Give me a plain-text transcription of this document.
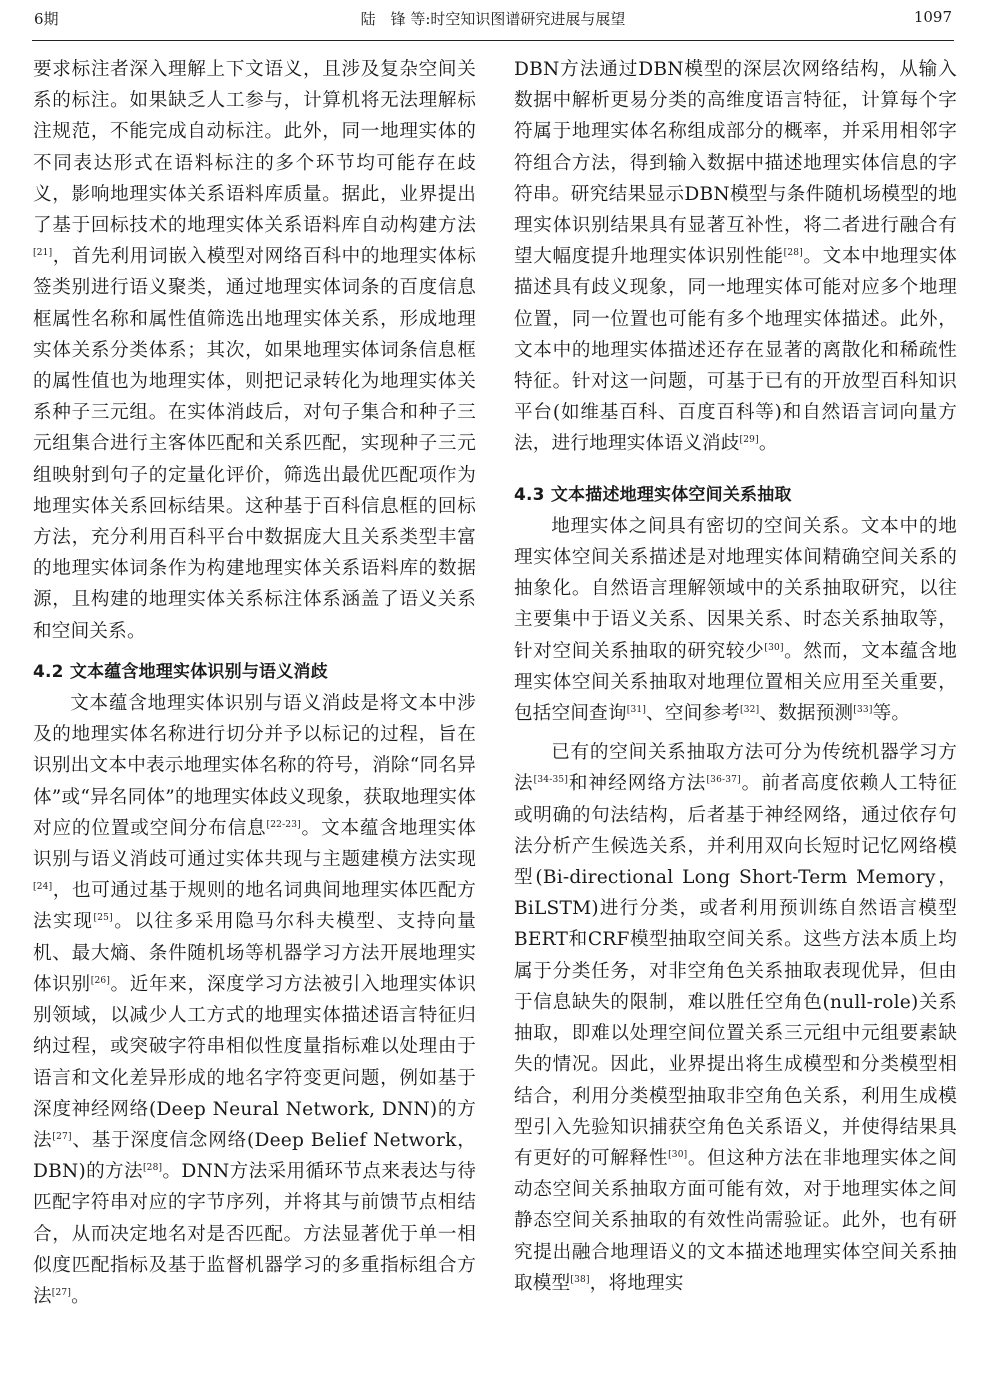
6期	陆　锋 等:时空知识图谱研究进展与展望	1097

要求标注者深入理解上下文语义，且涉及复杂空间关系的标注。如果缺乏人工参与，计算机将无法理解标注规范，不能完成自动标注。此外，同一地理实体的不同表达形式在语料标注的多个环节均可能存在歧义，影响地理实体关系语料库质量。据此，业界提出了基于回标技术的地理实体关系语料库自动构建方法[21]，首先利用词嵌入模型对网络百科中的地理实体标签类别进行语义聚类，通过地理实体词条的百度信息框属性名称和属性值筛选出地理实体关系，形成地理实体关系分类体系；其次，如果地理实体词条信息框的属性值也为地理实体，则把记录转化为地理实体关系种子三元组。在实体消歧后，对句子集合和种子三元组集合进行主客体匹配和关系匹配，实现种子三元组映射到句子的定量化评价，筛选出最优匹配项作为地理实体关系回标结果。这种基于百科信息框的回标方法，充分利用百科平台中数据庞大且关系类型丰富的地理实体词条作为构建地理实体关系语料库的数据源，且构建的地理实体关系标注体系涵盖了语义关系和空间关系。

4.2 文本蕴含地理实体识别与语义消歧

文本蕴含地理实体识别与语义消歧是将文本中涉及的地理实体名称进行切分并予以标记的过程，旨在识别出文本中表示地理实体名称的符号，消除“同名异体”或“异名同体”的地理实体歧义现象，获取地理实体对应的位置或空间分布信息[22-23]。文本蕴含地理实体识别与语义消歧可通过实体共现与主题建模方法实现[24]，也可通过基于规则的地名词典间地理实体匹配方法实现[25]。以往多采用隐马尔科夫模型、支持向量机、最大熵、条件随机场等机器学习方法开展地理实体识别[26]。近年来，深度学习方法被引入地理实体识别领域，以减少人工方式的地理实体描述语言特征归纳过程，或突破字符串相似性度量指标难以处理由于语言和文化差异形成的地名字符变更问题，例如基于深度神经网络(Deep Neural Network, DNN)的方法[27]、基于深度信念网络(Deep Belief Network，DBN)的方法[28]。DNN方法采用循环节点来表达与待匹配字符串对应的字节序列，并将其与前馈节点相结合，从而决定地名对是否匹配。方法显著优于单一相似度匹配指标及基于监督机器学习的多重指标组合方法[27]。

DBN方法通过DBN模型的深层次网络结构，从输入数据中解析更易分类的高维度语言特征，计算每个字符属于地理实体名称组成部分的概率，并采用相邻字符组合方法，得到输入数据中描述地理实体信息的字符串。研究结果显示DBN模型与条件随机场模型的地理实体识别结果具有显著互补性，将二者进行融合有望大幅度提升地理实体识别性能[28]。文本中地理实体描述具有歧义现象，同一地理实体可能对应多个地理位置，同一位置也可能有多个地理实体描述。此外，文本中的地理实体描述还存在显著的离散化和稀疏性特征。针对这一问题，可基于已有的开放型百科知识平台(如维基百科、百度百科等)和自然语言词向量方法，进行地理实体语义消歧[29]。

4.3 文本描述地理实体空间关系抽取

地理实体之间具有密切的空间关系。文本中的地理实体空间关系描述是对地理实体间精确空间关系的抽象化。自然语言理解领域中的关系抽取研究，以往主要集中于语义关系、因果关系、时态关系抽取等，针对空间关系抽取的研究较少[30]。然而，文本蕴含地理实体空间关系抽取对地理位置相关应用至关重要，包括空间查询[31]、空间参考[32]、数据预测[33]等。

已有的空间关系抽取方法可分为传统机器学习方法[34-35]和神经网络方法[36-37]。前者高度依赖人工特征或明确的句法结构，后者基于神经网络，通过依存句法分析产生候选关系，并利用双向长短时记忆网络模型(Bi-directional Long Short-Term Memory，BiLSTM)进行分类，或者利用预训练自然语言模型BERT和CRF模型抽取空间关系。这些方法本质上均属于分类任务，对非空角色关系抽取表现优异，但由于信息缺失的限制，难以胜任空角色(null-role)关系抽取，即难以处理空间位置关系三元组中元组要素缺失的情况。因此，业界提出将生成模型和分类模型相结合，利用分类模型抽取非空角色关系，利用生成模型引入先验知识捕获空角色关系语义，并使得结果具有更好的可解释性[30]。但这种方法在非地理实体之间动态空间关系抽取方面可能有效，对于地理实体之间静态空间关系抽取的有效性尚需验证。此外，也有研究提出融合地理语义的文本描述地理实体空间关系抽取模型[38]，将地理实
